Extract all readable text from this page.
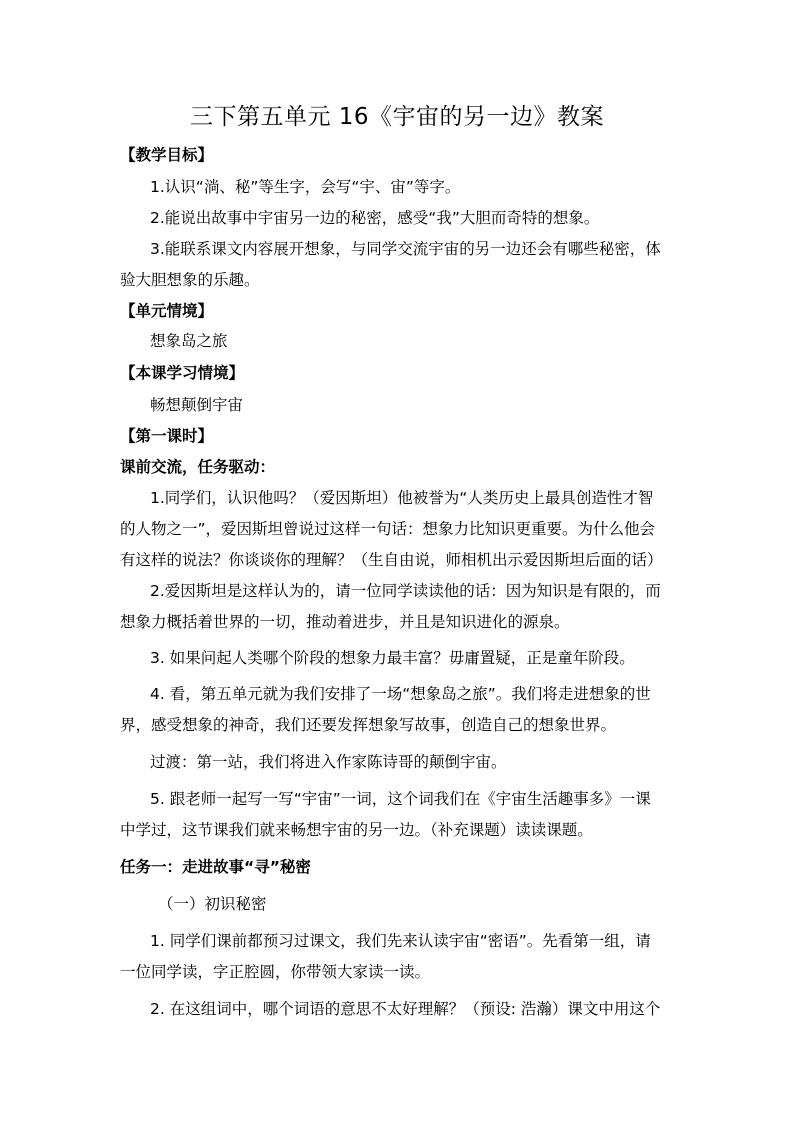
三下第五单元 16《宇宙的另一边》教案
【教学目标】
1.认识“淌、秘”等生字，会写“宇、宙”等字。
2.能说出故事中宇宙另一边的秘密，感受“我”大胆而奇特的想象。
3.能联系课文内容展开想象，与同学交流宇宙的另一边还会有哪些秘密，体
验大胆想象的乐趣。
【单元情境】
想象岛之旅
【本课学习情境】
畅想颠倒宇宙
【第一课时】
课前交流，任务驱动：
1.同学们，认识他吗？（爱因斯坦）他被誉为“人类历史上最具创造性才智
的人物之一”，爱因斯坦曾说过这样一句话：想象力比知识更重要。为什么他会
有这样的说法？你谈谈你的理解？（生自由说，师相机出示爱因斯坦后面的话）
2.爱因斯坦是这样认为的，请一位同学读读他的话：因为知识是有限的，而
想象力概括着世界的一切，推动着进步，并且是知识进化的源泉。
3. 如果问起人类哪个阶段的想象力最丰富？毋庸置疑，正是童年阶段。
4. 看，第五单元就为我们安排了一场“想象岛之旅”。我们将走进想象的世
界，感受想象的神奇，我们还要发挥想象写故事，创造自己的想象世界。
过渡：第一站，我们将进入作家陈诗哥的颠倒宇宙。
5. 跟老师一起写一写“宇宙”一词，这个词我们在《宇宙生活趣事多》一课
中学过，这节课我们就来畅想宇宙的另一边。（补充课题）读读课题。
任务一：走进故事“寻”秘密
（一）初识秘密
1. 同学们课前都预习过课文，我们先来认读宇宙“密语”。先看第一组，请
一位同学读，字正腔圆，你带领大家读一读。
2. 在这组词中，哪个词语的意思不太好理解？（预设: 浩瀚）课文中用这个
